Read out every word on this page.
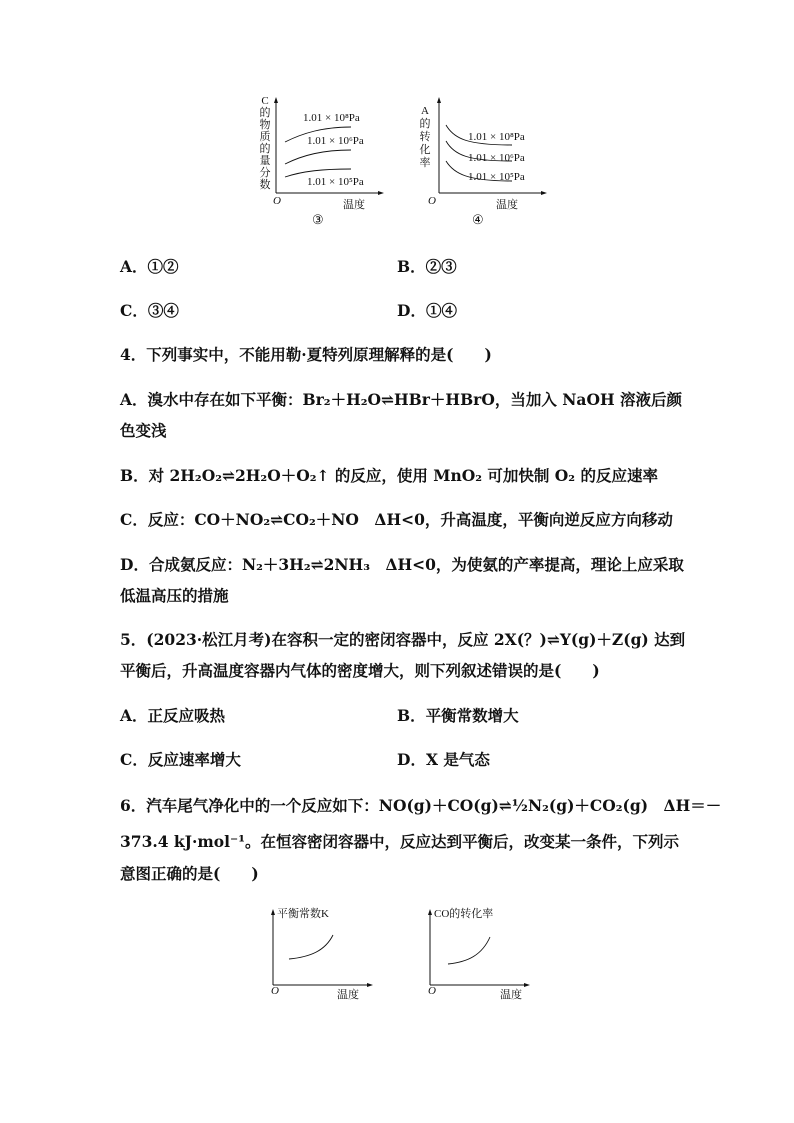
C
的
物
质
的
量
分
数
1.01 × 10⁸Pa
1.01 × 10⁶Pa
1.01 × 10⁵Pa
O	温度
③
A
的
转
化
率
1.01 × 10⁸Pa
1.01 × 10⁶Pa
1.01 × 10⁵Pa
O	温度
④
A．①②	B．②③
C．③④	D．①④
4．下列事实中，不能用勒·夏特列原理解释的是(　　)
A．溴水中存在如下平衡：Br₂＋H₂O⇌HBr＋HBrO，当加入 NaOH 溶液后颜
色变浅
B．对 2H₂O₂⇌2H₂O＋O₂↑ 的反应，使用 MnO₂ 可加快制 O₂ 的反应速率
C．反应：CO＋NO₂⇌CO₂＋NO　ΔH<0，升高温度，平衡向逆反应方向移动
D．合成氨反应：N₂＋3H₂⇌2NH₃　ΔH<0，为使氨的产率提高，理论上应采取
低温高压的措施
5．(2023·松江月考)在容积一定的密闭容器中，反应 2X(？)⇌Y(g)＋Z(g) 达到
平衡后，升高温度容器内气体的密度增大，则下列叙述错误的是(　　)
A．正反应吸热	B．平衡常数增大
C．反应速率增大	D．X 是气态
6．汽车尾气净化中的一个反应如下：NO(g)＋CO(g)⇌½N₂(g)＋CO₂(g)　ΔH＝－
373.4 kJ·mol⁻¹。在恒容密闭容器中，反应达到平衡后，改变某一条件，下列示
意图正确的是(　　)
平衡常数K
O	温度
CO的转化率
O	温度
